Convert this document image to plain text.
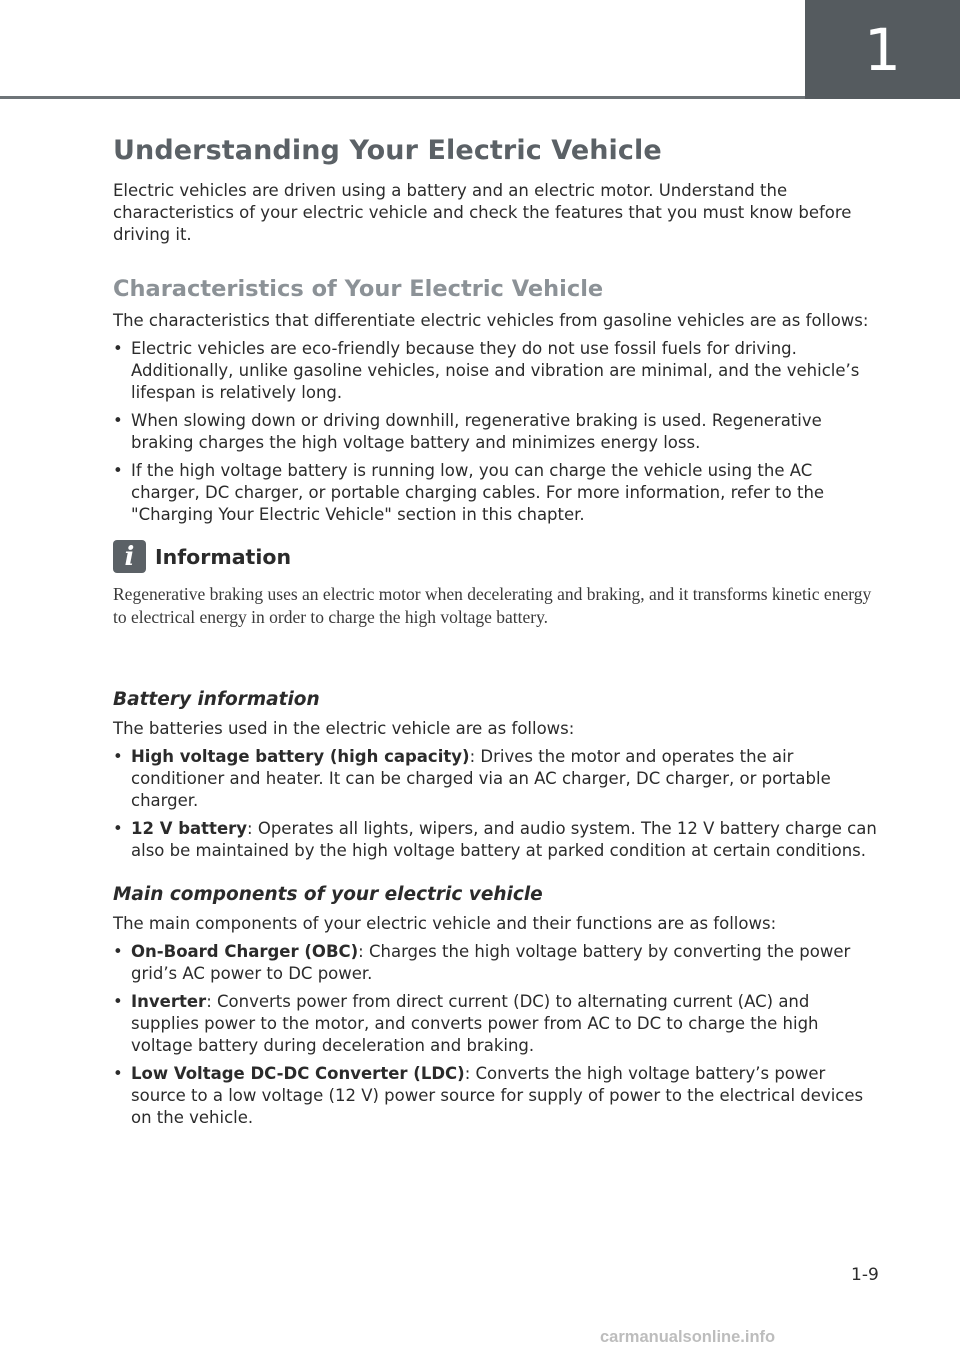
1
Understanding Your Electric Vehicle

Electric vehicles are driven using a battery and an electric motor. Understand the characteristics of your electric vehicle and check the features that you must know before driving it.

Characteristics of Your Electric Vehicle

The characteristics that differentiate electric vehicles from gasoline vehicles are as follows:

• Electric vehicles are eco-friendly because they do not use fossil fuels for driving. Additionally, unlike gasoline vehicles, noise and vibration are minimal, and the vehicle’s lifespan is relatively long.
• When slowing down or driving downhill, regenerative braking is used. Regenerative braking charges the high voltage battery and minimizes energy loss.
• If the high voltage battery is running low, you can charge the vehicle using the AC charger, DC charger, or portable charging cables. For more information, refer to the "Charging Your Electric Vehicle" section in this chapter.
i	Information

Regenerative braking uses an electric motor when decelerating and braking, and it transforms kinetic energy to electrical energy in order to charge the high voltage battery.

Battery information

The batteries used in the electric vehicle are as follows:

• High voltage battery (high capacity): Drives the motor and operates the air conditioner and heater. It can be charged via an AC charger, DC charger, or portable charger.
• 12 V battery: Operates all lights, wipers, and audio system. The 12 V battery charge can also be maintained by the high voltage battery at parked condition at certain conditions.
Main components of your electric vehicle

The main components of your electric vehicle and their functions are as follows:

• On-Board Charger (OBC): Charges the high voltage battery by converting the power grid’s AC power to DC power.
• Inverter: Converts power from direct current (DC) to alternating current (AC) and supplies power to the motor, and converts power from AC to DC to charge the high voltage battery during deceleration and braking.
• Low Voltage DC-DC Converter (LDC): Converts the high voltage battery’s power source to a low voltage (12 V) power source for supply of power to the electrical devices on the vehicle.
1-9
carmanualsonline.info
